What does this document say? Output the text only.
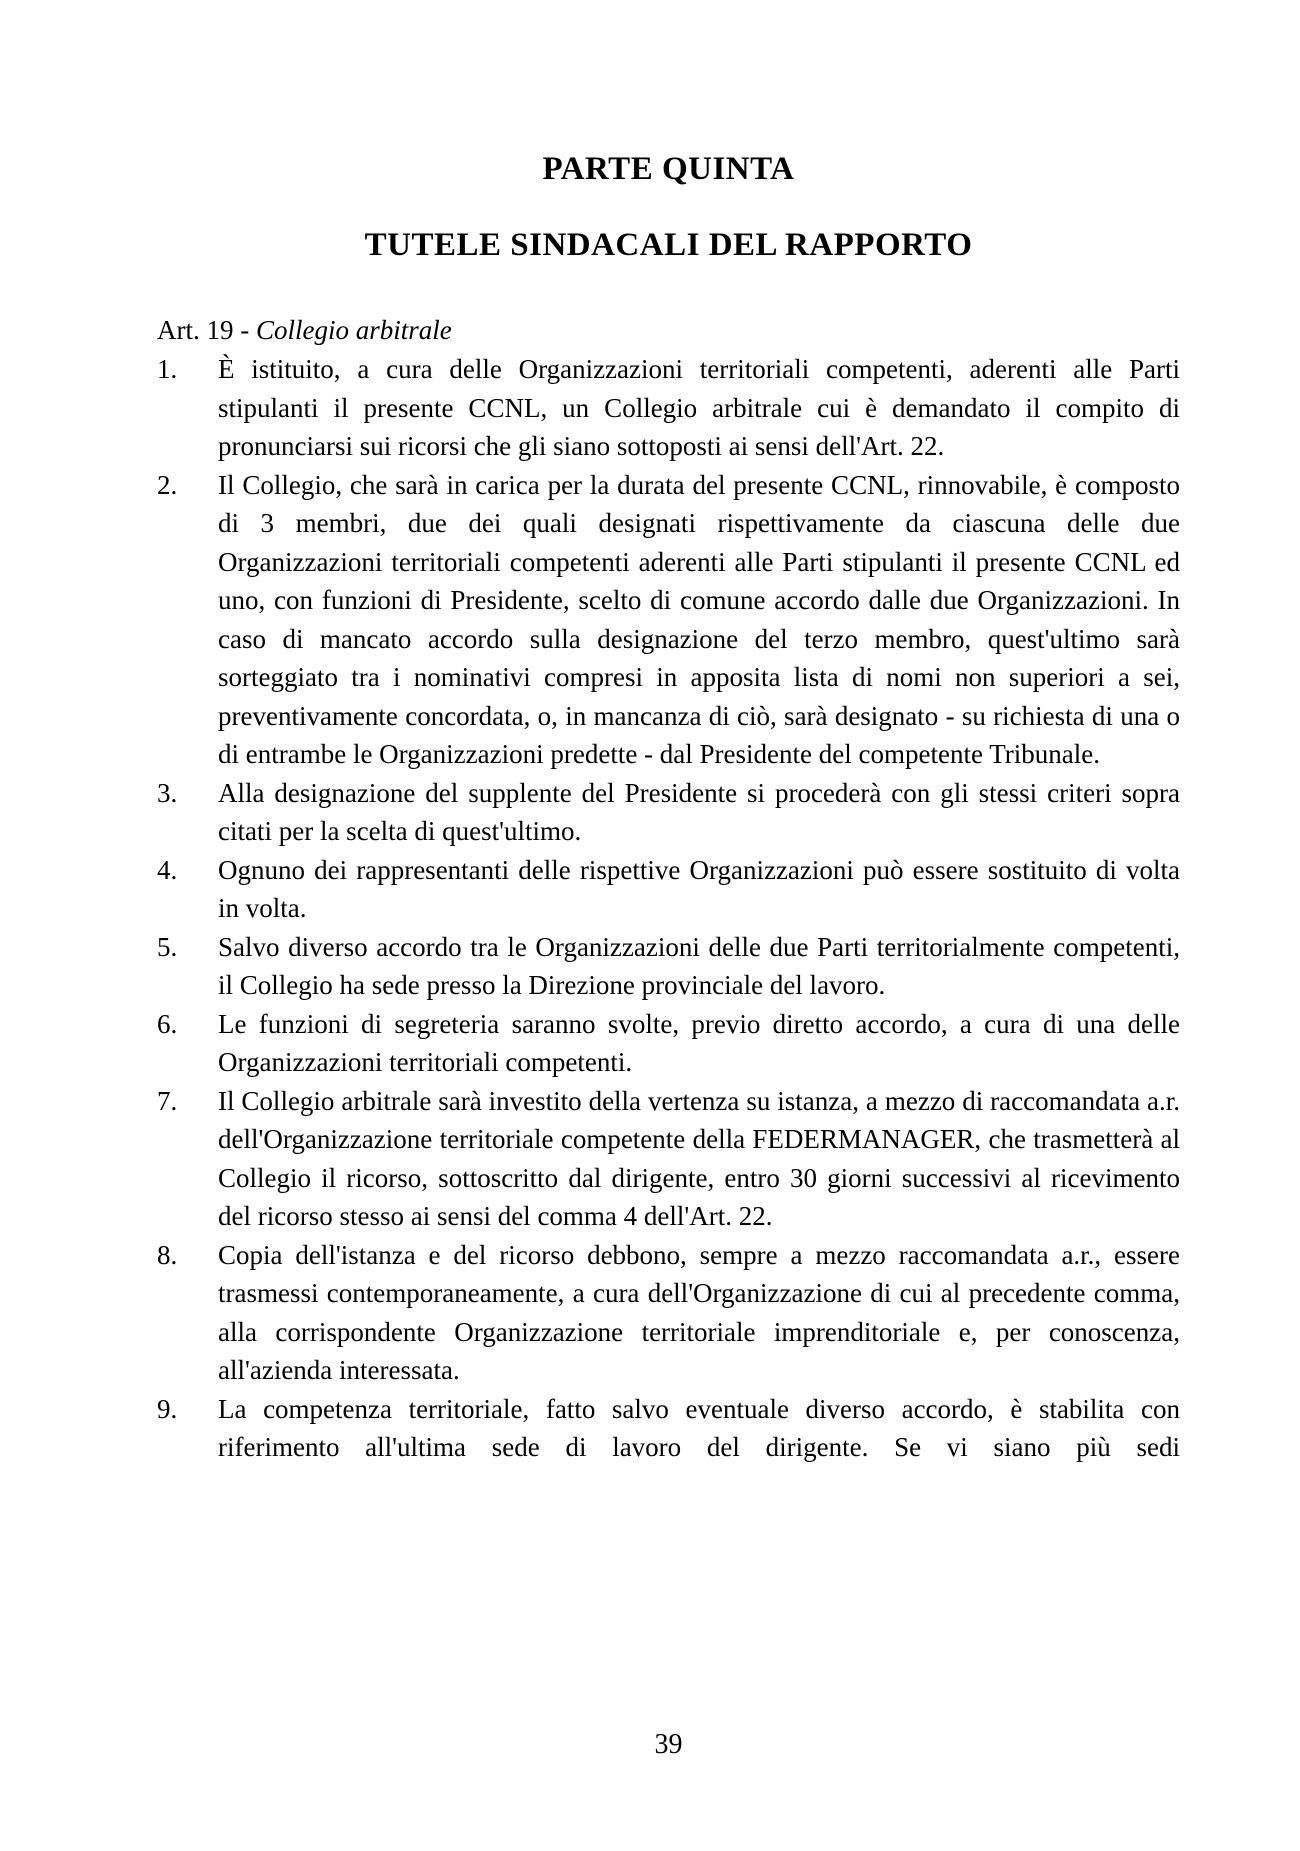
PARTE QUINTA
TUTELE SINDACALI DEL RAPPORTO
Art. 19 - Collegio arbitrale
1.	È istituito, a cura delle Organizzazioni territoriali competenti, aderenti alle Parti stipulanti il presente CCNL, un Collegio arbitrale cui è demandato il compito di pronunciarsi sui ricorsi che gli siano sottoposti ai sensi dell'Art. 22.
2.	Il Collegio, che sarà in carica per la durata del presente CCNL, rinnovabile, è composto di 3 membri, due dei quali designati rispettivamente da ciascuna delle due Organizzazioni territoriali competenti aderenti alle Parti stipulanti il presente CCNL ed uno, con funzioni di Presidente, scelto di comune accordo dalle due Organizzazioni. In caso di mancato accordo sulla designazione del terzo membro, quest'ultimo sarà sorteggiato tra i nominativi compresi in apposita lista di nomi non superiori a sei, preventivamente concordata, o, in mancanza di ciò, sarà designato - su richiesta di una o di entrambe le Organizzazioni predette - dal Presidente del competente Tribunale.
3.	Alla designazione del supplente del Presidente si procederà con gli stessi criteri sopra citati per la scelta di quest'ultimo.
4.	Ognuno dei rappresentanti delle rispettive Organizzazioni può essere sostituito di volta in volta.
5.	Salvo diverso accordo tra le Organizzazioni delle due Parti territorialmente competenti, il Collegio ha sede presso la Direzione provinciale del lavoro.
6.	Le funzioni di segreteria saranno svolte, previo diretto accordo, a cura di una delle Organizzazioni territoriali competenti.
7.	Il Collegio arbitrale sarà investito della vertenza su istanza, a mezzo di raccomandata a.r. dell'Organizzazione territoriale competente della FEDERMANAGER, che trasmetterà al Collegio il ricorso, sottoscritto dal dirigente, entro 30 giorni successivi al ricevimento del ricorso stesso ai sensi del comma 4 dell'Art. 22.
8.	Copia dell'istanza e del ricorso debbono, sempre a mezzo raccomandata a.r., essere trasmessi contemporaneamente, a cura dell'Organizzazione di cui al precedente comma, alla corrispondente Organizzazione territoriale imprenditoriale e, per conoscenza, all'azienda interessata.
9.	La competenza territoriale, fatto salvo eventuale diverso accordo, è stabilita con riferimento all'ultima sede di lavoro del dirigente. Se vi siano più sedi
39
